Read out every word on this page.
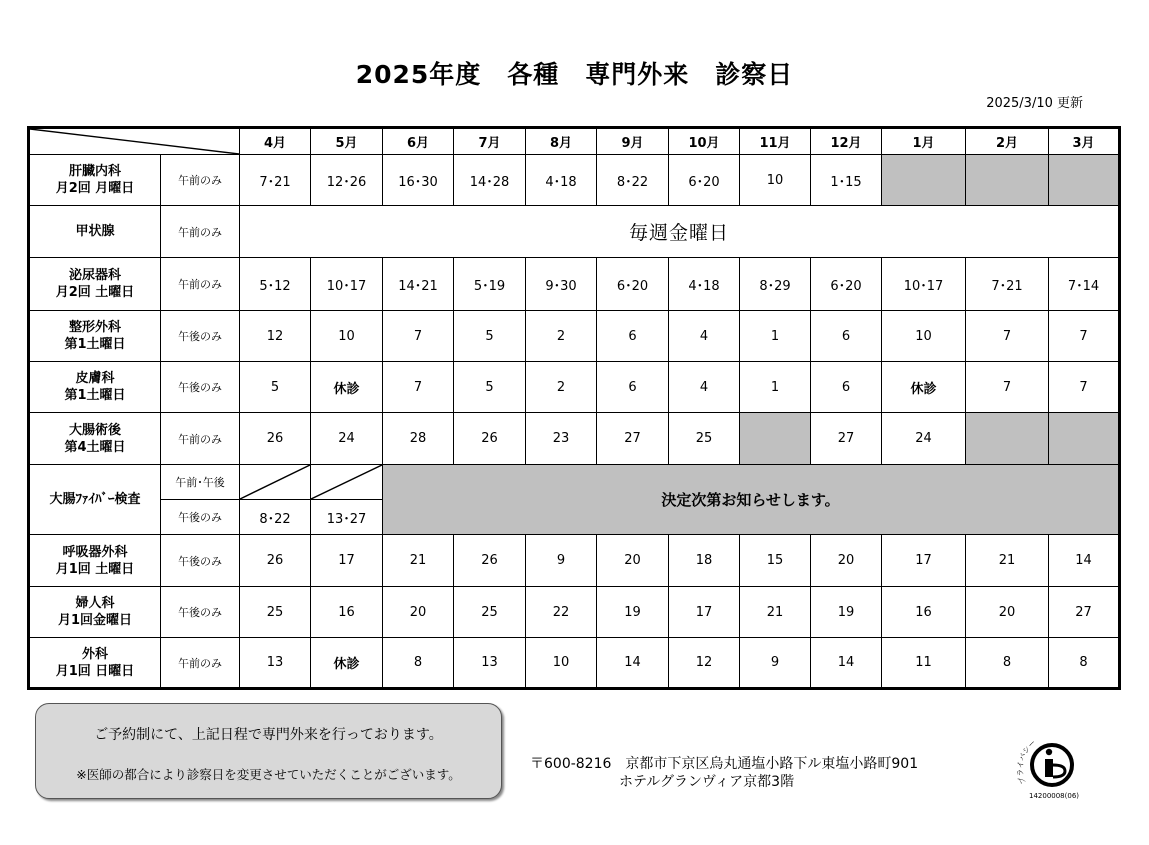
2025年度　各種　専門外来　診察日
2025/3/10 更新
	4月	5月	6月	7月	8月	9月	10月	11月	12月	1月	2月	3月
肝臓内科
月2回 月曜日	午前のみ	7･21	12･26	16･30	14･28	4･18	8･22	6･20	10	1･15			
甲状腺	午前のみ	毎週金曜日											
泌尿器科
月2回 土曜日	午前のみ	5･12	10･17	14･21	5･19	9･30	6･20	4･18	8･29	6･20	10･17	7･21	7･14
整形外科
第1土曜日	午後のみ	12	10	7	5	2	6	4	1	6	10	7	7
皮膚科
第1土曜日	午後のみ	5	休診	7	5	2	6	4	1	6	休診	7	7
大腸術後
第4土曜日	午前のみ	26	24	28	26	23	27	25		27	24		
大腸ﾌｧｲﾊﾞｰ検査	午前･午後			決定次第お知らせします。									
	午後のみ	8･22	13･27										
呼吸器外科
月1回 土曜日	午後のみ	26	17	21	26	9	20	18	15	20	17	21	14
婦人科
月1回金曜日	午後のみ	25	16	20	25	22	19	17	21	19	16	20	27
外科
月1回 日曜日	午前のみ	13	休診	8	13	10	14	12	9	14	11	8	8
ご予約制にて、上記日程で専門外来を行っております。
※医師の都合により診察日を変更させていただくことがございます。
〒600-8216　京都市下京区烏丸通塩小路下ル東塩小路町901
ホテルグランヴィア京都3階	プライバシー
14200008(06)
